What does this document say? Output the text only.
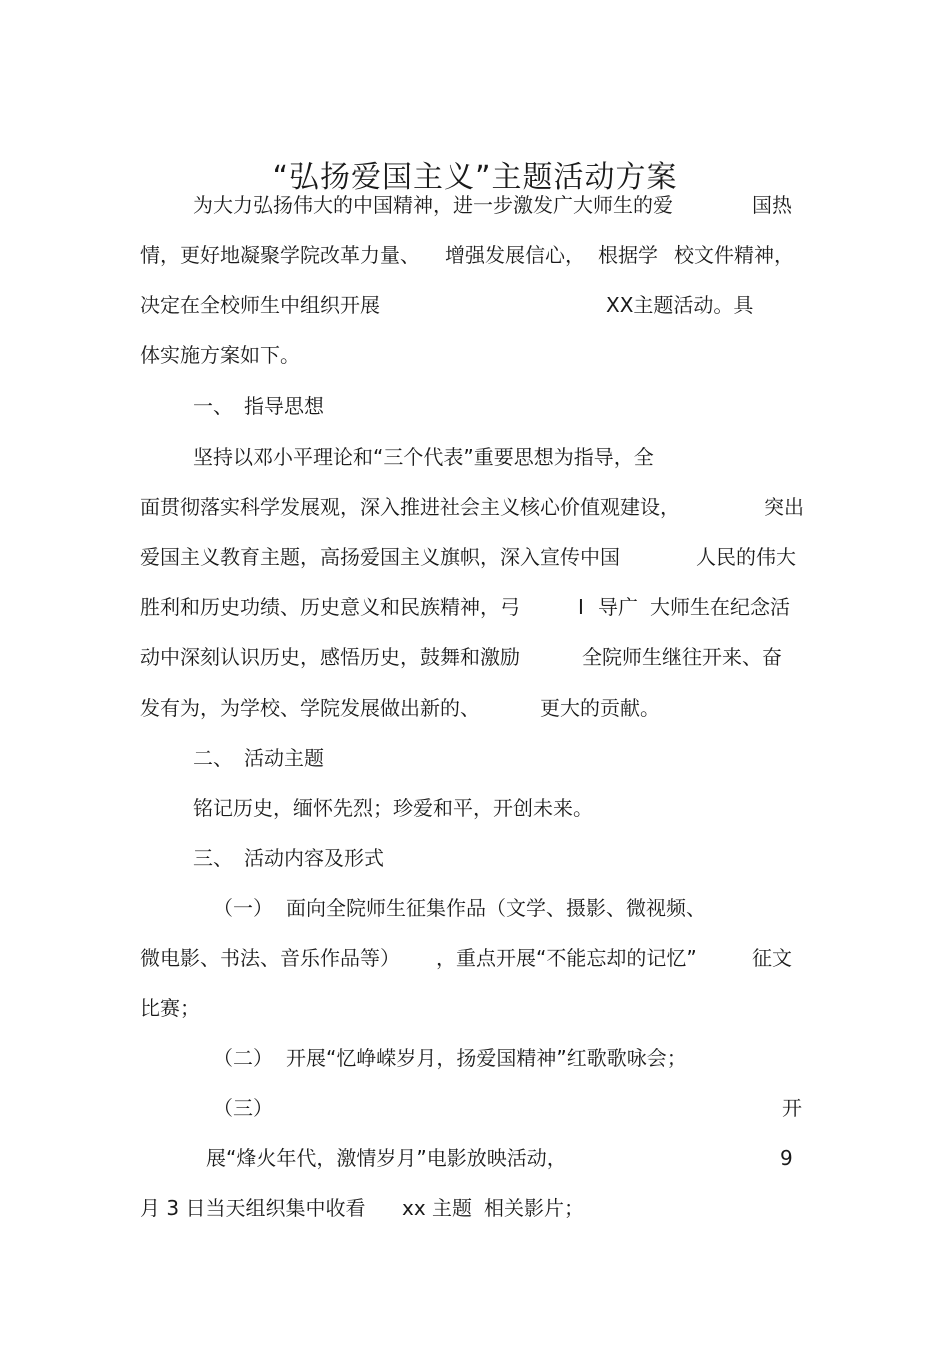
“弘扬爱国主义”主题活动方案
为大力弘扬伟大的中国精神，进一步激发广大师生的爱	国热
情，更好地凝聚学院改革力量、 增强发展信心， 根据学 校文件精神，
决定在全校师生中组织开展	XX主题活动。具
体实施方案如下。
一、 指导思想
坚持以邓小平理论和“三个代表”重要思想为指导，全
面贯彻落实科学发展观，深入推进社会主义核心价值观建设，	突出
爱国主义教育主题，高扬爱国主义旗帜，深入宣传中国	人民的伟大
胜利和历史功绩、历史意义和民族精神，弓	I 导广 大师生在纪念活
动中深刻认识历史，感悟历史，鼓舞和激励	全院师生继往开来、奋
发有为，为学校、学院发展做出新的、	更大的贡献。
二、 活动主题
铭记历史，缅怀先烈；珍爱和平，开创未来。
三、 活动内容及形式
（一） 面向全院师生征集作品（文学、摄影、微视频、
微电影、书法、音乐作品等） ，重点开展“不能忘却的记忆”	征文
比赛；
（二） 开展“忆峥嵘岁月，扬爱国精神”红歌歌咏会；
（三）	开
展“烽火年代，激情岁月”电影放映活动，	9
月 3 日当天组织集中收看 xx 主题 相关影片；
